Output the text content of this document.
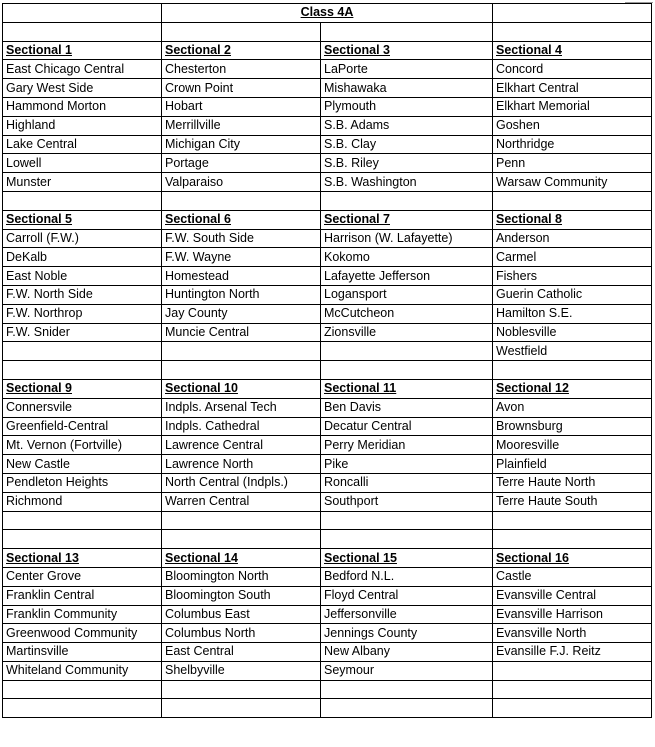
	Class 4A		

Sectional 1	Sectional 2	Sectional 3	Sectional 4
East Chicago Central	Chesterton	LaPorte	Concord
Gary West Side	Crown Point	Mishawaka	Elkhart Central
Hammond Morton	Hobart	Plymouth	Elkhart Memorial
Highland	Merrillville	S.B. Adams	Goshen
Lake Central	Michigan City	S.B. Clay	Northridge
Lowell	Portage	S.B. Riley	Penn
Munster	Valparaiso	S.B. Washington	Warsaw Community

Sectional 5	Sectional 6	Sectional 7	Sectional 8
Carroll (F.W.)	F.W. South Side	Harrison (W. Lafayette)	Anderson
DeKalb	F.W. Wayne	Kokomo	Carmel
East Noble	Homestead	Lafayette Jefferson	Fishers
F.W. North Side	Huntington North	Logansport	Guerin Catholic
F.W. Northrop	Jay County	McCutcheon	Hamilton S.E.
F.W. Snider	Muncie Central	Zionsville	Noblesville
			Westfield

Sectional 9	Sectional 10	Sectional 11	Sectional 12
Connersvile	Indpls. Arsenal Tech	Ben Davis	Avon
Greenfield-Central	Indpls. Cathedral	Decatur Central	Brownsburg
Mt. Vernon (Fortville)	Lawrence Central	Perry Meridian	Mooresville
New Castle	Lawrence North	Pike	Plainfield
Pendleton Heights	North Central (Indpls.)	Roncalli	Terre Haute North
Richmond	Warren Central	Southport	Terre Haute South

Sectional 13	Sectional 14	Sectional 15	Sectional 16
Center Grove	Bloomington North	Bedford N.L.	Castle
Franklin Central	Bloomington South	Floyd Central	Evansville Central
Franklin Community	Columbus East	Jeffersonville	Evansville Harrison
Greenwood Community	Columbus North	Jennings County	Evansville North
Martinsville	East Central	New Albany	Evansille F.J. Reitz
Whiteland Community	Shelbyville	Seymour	
